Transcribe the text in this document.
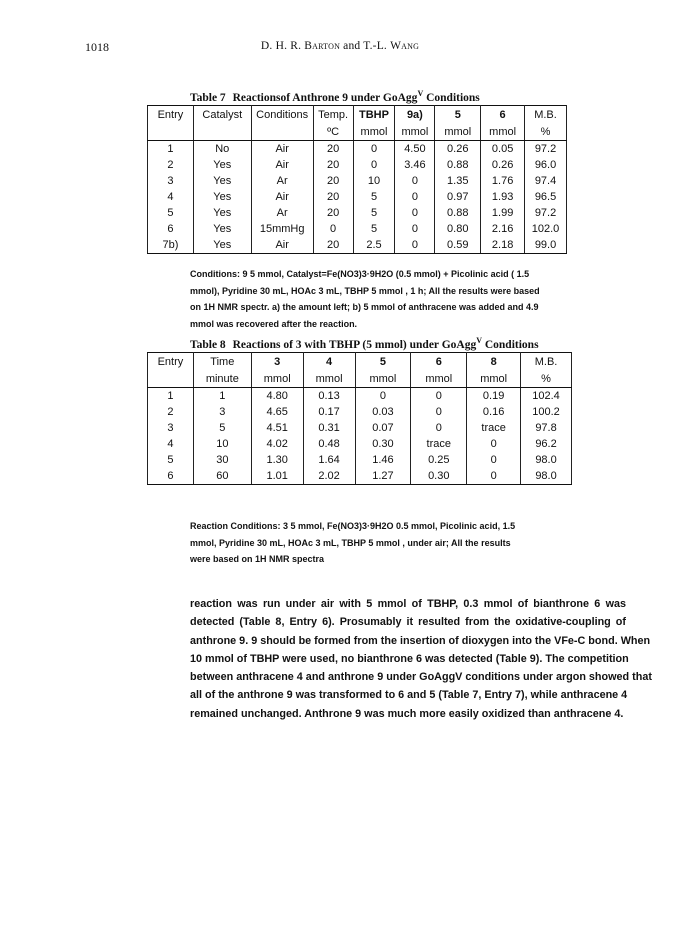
1018	D. H. R. Barton and T.-L. Wang
Table 7 Reactionsof Anthrone 9 under GoAgg$^V$ Conditions
Entry	Catalyst	Conditions	Temp.	TBHP	9a)	5	6	M.B.
			ºC	mmol	mmol	mmol	mmol	%
1	No	Air	20	0	4.50	0.26	0.05	97.2
2	Yes	Air	20	0	3.46	0.88	0.26	96.0
3	Yes	Ar	20	10	0	1.35	1.76	97.4
4	Yes	Air	20	5	0	0.97	1.93	96.5
5	Yes	Ar	20	5	0	0.88	1.99	97.2
6	Yes	15mmHg	0	5	0	0.80	2.16	102.0
7b)	Yes	Air	20	2.5	0	0.59	2.18	99.0
Conditions: 9 5 mmol, Catalyst=Fe(NO3)3·9H2O (0.5 mmol) + Picolinic acid ( 1.5
mmol), Pyridine 30 mL, HOAc 3 mL, TBHP 5 mmol , 1 h; All the results were based
on 1H NMR spectr. a) the amount left; b) 5 mmol of anthracene was added and 4.9
mmol was recovered after the reaction.
Table 8 Reactions of 3 with TBHP (5 mmol) under GoAgg$^V$ Conditions
Entry	Time	3	4	5	6	8	M.B.
	minute	mmol	mmol	mmol	mmol	mmol	%
1	1	4.80	0.13	0	0	0.19	102.4
2	3	4.65	0.17	0.03	0	0.16	100.2
3	5	4.51	0.31	0.07	0	trace	97.8
4	10	4.02	0.48	0.30	trace	0	96.2
5	30	1.30	1.64	1.46	0.25	0	98.0
6	60	1.01	2.02	1.27	0.30	0	98.0
Reaction Conditions: 3 5 mmol, Fe(NO3)3·9H2O 0.5 mmol, Picolinic acid, 1.5
mmol, Pyridine 30 mL, HOAc 3 mL, TBHP 5 mmol , under air; All the results
were based on 1H NMR spectra
reaction was run under air with 5 mmol of TBHP, 0.3 mmol of bianthrone 6 was
detected (Table 8, Entry 6). Prosumably it resulted from the oxidative-coupling of
anthrone 9. 9 should be formed from the insertion of dioxygen into the VFe-C bond. When
10 mmol of TBHP were used, no bianthrone 6 was detected (Table 9). The competition
between anthracene 4 and anthrone 9 under GoAggV conditions under argon showed that
all of the anthrone 9 was transformed to 6 and 5 (Table 7, Entry 7), while anthracene 4
remained unchanged. Anthrone 9 was much more easily oxidized than anthracene 4.
